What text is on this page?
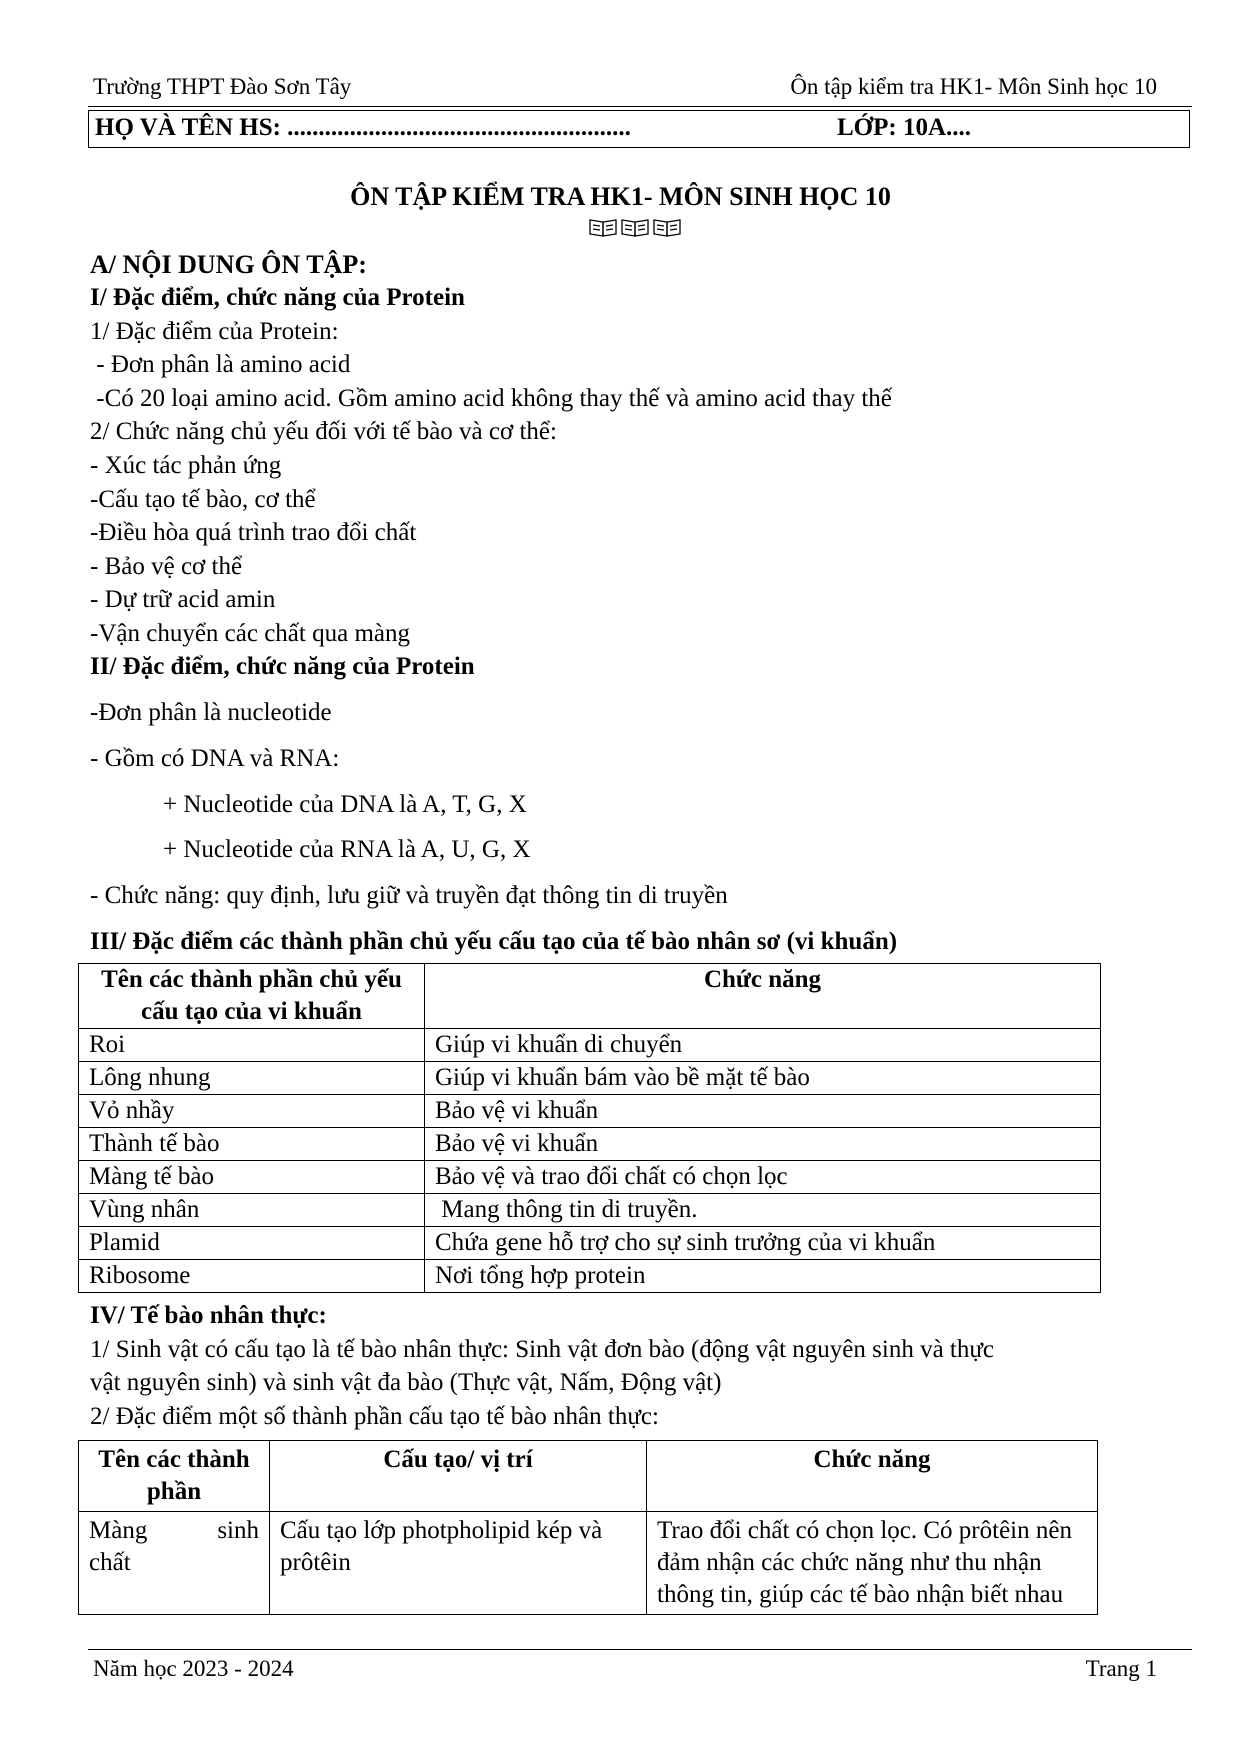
Trường THPT Đào Sơn Tây	Ôn tập kiểm tra HK1- Môn Sinh học 10
HỌ VÀ TÊN HS: .......................................................	LỚP: 10A....
ÔN TẬP KIỂM TRA HK1- MÔN SINH HỌC 10
A/ NỘI DUNG ÔN TẬP:
I/ Đặc điểm, chức năng của Protein
1/ Đặc điểm của Protein:
- Đơn phân là amino acid
-Có 20 loại amino acid. Gồm amino acid không thay thế và amino acid thay thế
2/ Chức năng chủ yếu đối với tế bào và cơ thể:
- Xúc tác phản ứng
-Cấu tạo tế bào, cơ thể
-Điều hòa quá trình trao đổi chất
- Bảo vệ cơ thể
- Dự trữ acid amin
-Vận chuyển các chất qua màng
II/ Đặc điểm, chức năng của Protein
-Đơn phân là nucleotide
- Gồm có DNA và RNA:
+ Nucleotide của DNA là A, T, G, X
+ Nucleotide của RNA là A, U, G, X
- Chức năng: quy định, lưu giữ và truyền đạt thông tin di truyền
III/ Đặc điểm các thành phần chủ yếu cấu tạo của tế bào nhân sơ (vi khuẩn)
Tên các thành phần chủ yếu cấu tạo của vi khuẩn	Chức năng
Roi	Giúp vi khuẩn di chuyển
Lông nhung	Giúp vi khuẩn bám vào bề mặt tế bào
Vỏ nhầy	Bảo vệ vi khuẩn
Thành tế bào	Bảo vệ vi khuẩn
Màng tế bào	Bảo vệ và trao đổi chất có chọn lọc
Vùng nhân	Mang thông tin di truyền.
Plamid	Chứa gene hỗ trợ cho sự sinh trưởng của vi khuẩn
Ribosome	Nơi tổng hợp protein
IV/ Tế bào nhân thực:
1/ Sinh vật có cấu tạo là tế bào nhân thực: Sinh vật đơn bào (động vật nguyên sinh và thực
vật nguyên sinh) và sinh vật đa bào (Thực vật, Nấm, Động vật)
2/ Đặc điểm một số thành phần cấu tạo tế bào nhân thực:
Tên các thành phần	Cấu tạo/ vị trí	Chức năng

Màng sinh
chất	Cấu tạo lớp photpholipid kép và prôtêin	Trao đổi chất có chọn lọc. Có prôtêin nên đảm nhận các chức năng như thu nhận thông tin, giúp các tế bào nhận biết nhau
Năm học 2023 - 2024	Trang 1
